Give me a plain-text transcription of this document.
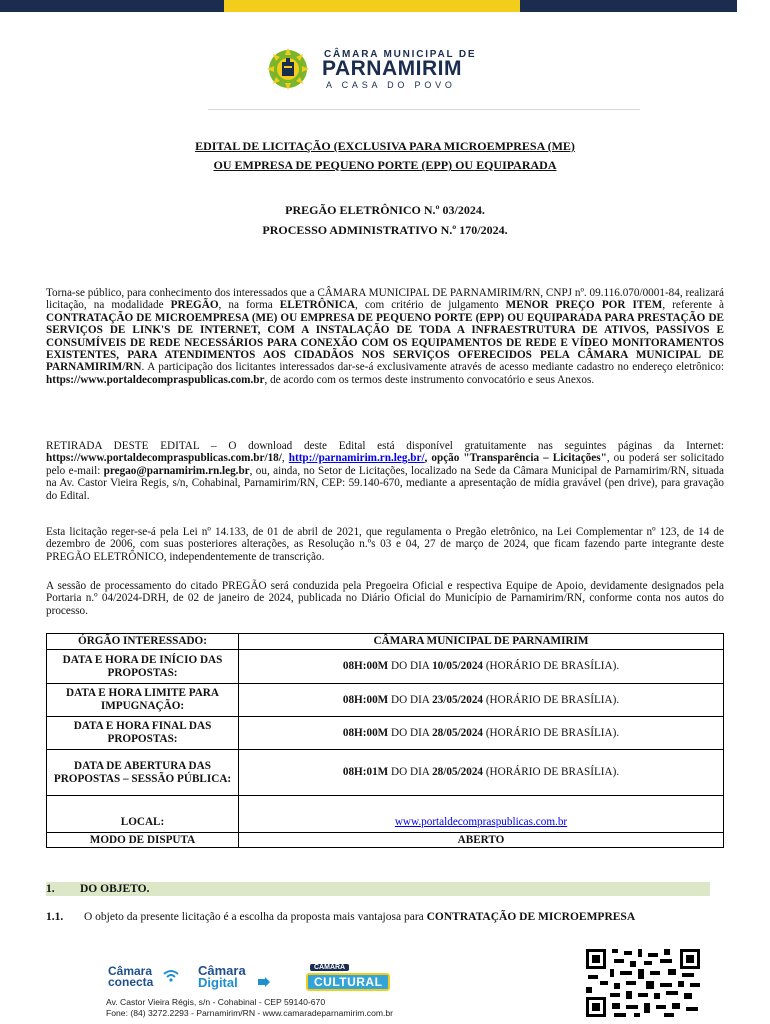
CÂMARA MUNICIPAL DE
PARNAMIRIM
A CASA DO POVO
EDITAL DE LICITAÇÃO (EXCLUSIVA PARA MICROEMPRESA (ME)
OU EMPRESA DE PEQUENO PORTE (EPP) OU EQUIPARADA
PREGÃO ELETRÔNICO N.º 03/2024.
PROCESSO ADMINISTRATIVO N.º 170/2024.
Torna-se público, para conhecimento dos interessados que a CÂMARA MUNICIPAL DE PARNAMIRIM/RN, CNPJ nº. 09.116.070/0001-84, realizará licitação, na modalidade PREGÃO, na forma ELETRÔNICA, com critério de julgamento MENOR PREÇO POR ITEM, referente à CONTRATAÇÃO DE MICROEMPRESA (ME) OU EMPRESA DE PEQUENO PORTE (EPP) OU EQUIPARADA PARA PRESTAÇÃO DE SERVIÇOS DE LINK'S DE INTERNET, COM A INSTALAÇÃO DE TODA A INFRAESTRUTURA DE ATIVOS, PASSIVOS E CONSUMÍVEIS DE REDE NECESSÁRIOS PARA CONEXÃO COM OS EQUIPAMENTOS DE REDE E VÍDEO MONITORAMENTOS EXISTENTES, PARA ATENDIMENTOS AOS CIDADÃOS NOS SERVIÇOS OFERECIDOS PELA CÂMARA MUNICIPAL DE PARNAMIRIM/RN. A participação dos licitantes interessados dar-se-á exclusivamente através de acesso mediante cadastro no endereço eletrônico: https://www.portaldecompraspublicas.com.br, de acordo com os termos deste instrumento convocatório e seus Anexos.
RETIRADA DESTE EDITAL – O download deste Edital está disponível gratuitamente nas seguintes páginas da Internet: https://www.portaldecompraspublicas.com.br/18/, http://parnamirim.rn.leg.br/, opção "Transparência – Licitações", ou poderá ser solicitado pelo e-mail: pregao@parnamirim.rn.leg.br, ou, ainda, no Setor de Licitações, localizado na Sede da Câmara Municipal de Parnamirim/RN, situada na Av. Castor Vieira Regis, s/n, Cohabinal, Parnamirim/RN, CEP: 59.140-670, mediante a apresentação de mídia gravável (pen drive), para gravação do Edital.
Esta licitação reger-se-á pela Lei nº 14.133, de 01 de abril de 2021, que regulamenta o Pregão eletrônico, na Lei Complementar nº 123, de 14 de dezembro de 2006, com suas posteriores alterações, as Resolução n.ºs 03 e 04, 27 de março de 2024, que ficam fazendo parte integrante deste PREGÃO ELETRÔNICO, independentemente de transcrição.
A sessão de processamento do citado PREGÃO será conduzida pela Pregoeira Oficial e respectiva Equipe de Apoio, devidamente designados pela Portaria n.º 04/2024-DRH, de 02 de janeiro de 2024, publicada no Diário Oficial do Município de Parnamirim/RN, conforme conta nos autos do processo.
ÓRGÃO INTERESSADO:	CÂMARA MUNICIPAL DE PARNAMIRIM
DATA E HORA DE INÍCIO DAS PROPOSTAS:	08H:00M DO DIA 10/05/2024 (HORÁRIO DE BRASÍLIA).
DATA E HORA LIMITE PARA IMPUGNAÇÃO:	08H:00M DO DIA 23/05/2024 (HORÁRIO DE BRASÍLIA).
DATA E HORA FINAL DAS PROPOSTAS:	08H:00M DO DIA 28/05/2024 (HORÁRIO DE BRASÍLIA).
DATA DE ABERTURA DAS PROPOSTAS – SESSÃO PÚBLICA:	08H:01M DO DIA 28/05/2024 (HORÁRIO DE BRASÍLIA).
LOCAL:	www.portaldecompraspublicas.com.br
MODO DE DISPUTA	ABERTO
1. DO OBJETO.
1.1. O objeto da presente licitação é a escolha da proposta mais vantajosa para CONTRATAÇÃO DE MICROEMPRESA
Câmara
conecta
Câmara
Digital
CÂMARA
CULTURAL
Av. Castor Vieira Régis, s/n - Cohabinal - CEP 59140-670
Fone: (84) 3272.2293 - Parnamirim/RN - www.camaradeparnamirim.com.br
